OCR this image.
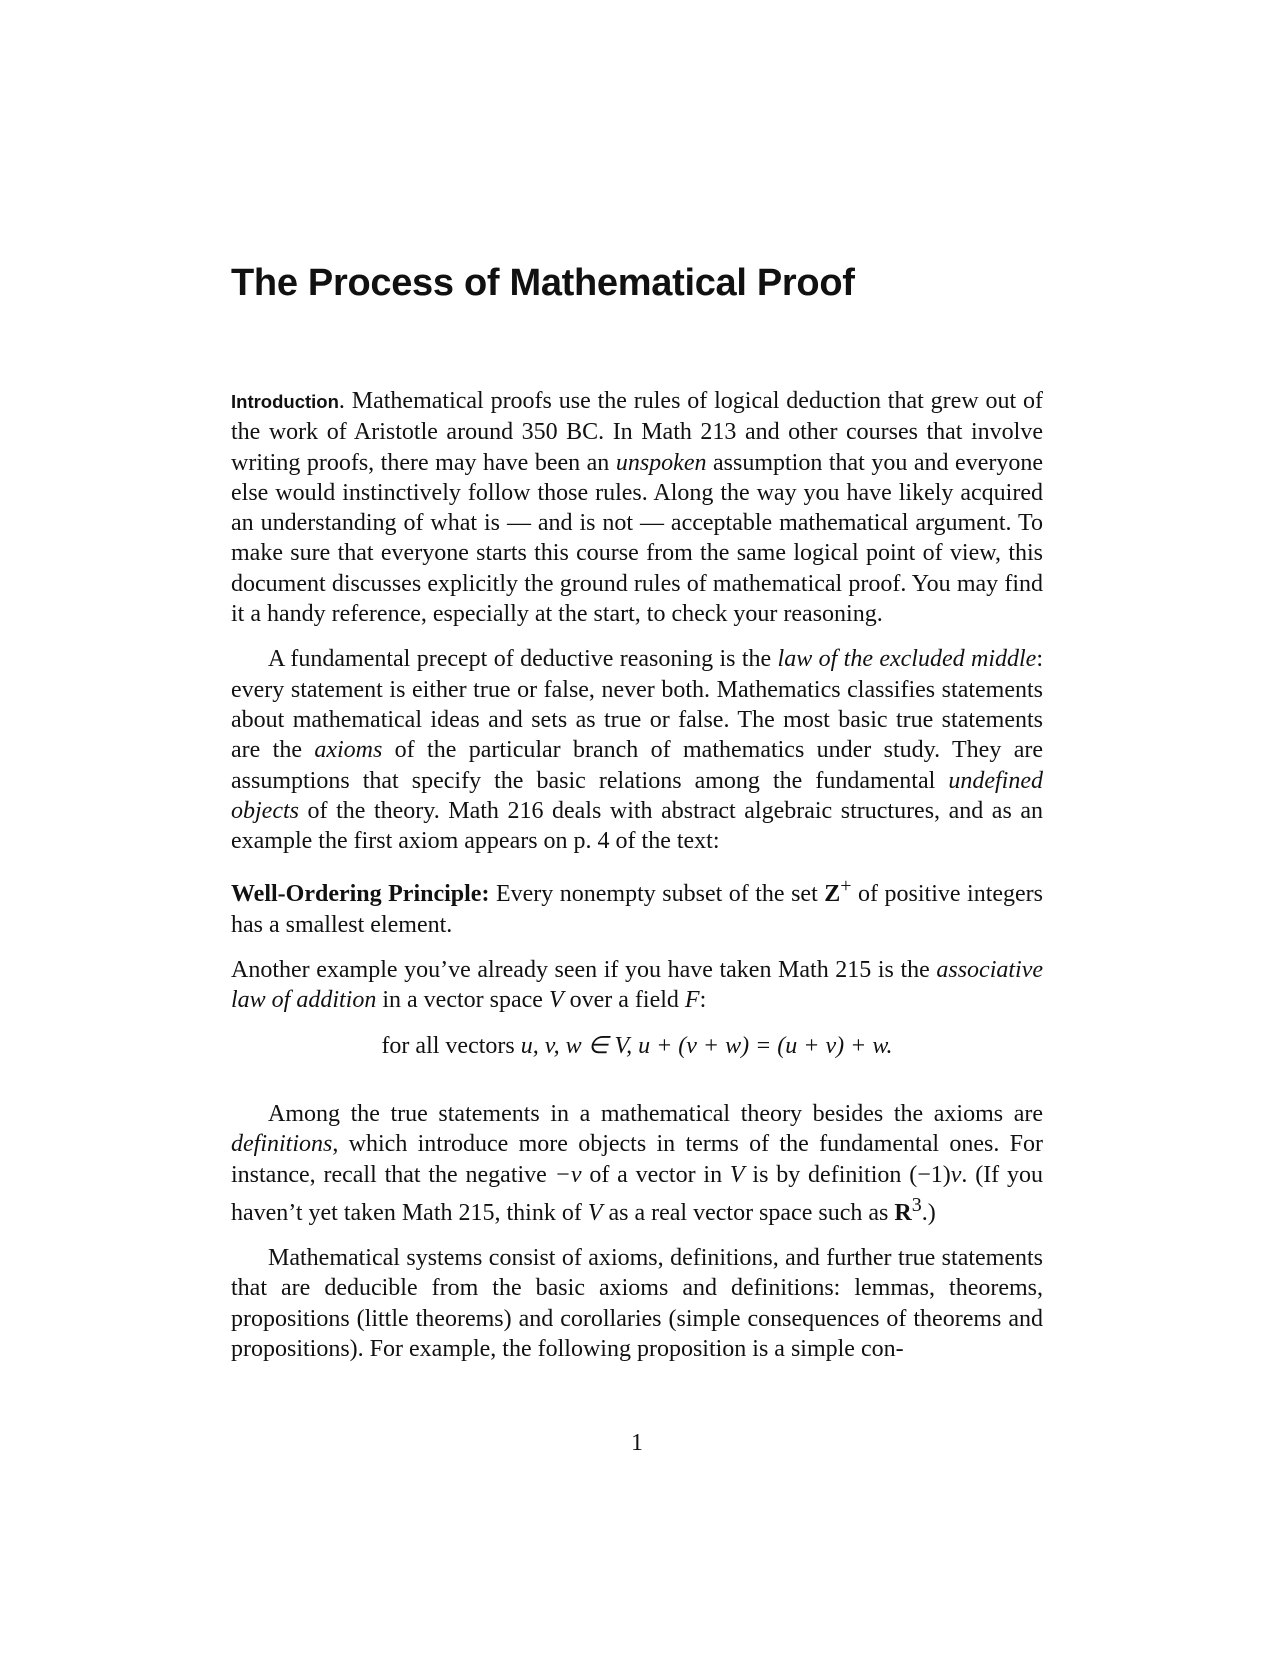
The Process of Mathematical Proof

Introduction. Mathematical proofs use the rules of logical deduction that grew out of the work of Aristotle around 350 BC. In Math 213 and other courses that involve writing proofs, there may have been an unspoken assumption that you and everyone else would instinctively follow those rules. Along the way you have likely acquired an understanding of what is — and is not — acceptable mathematical argument. To make sure that everyone starts this course from the same logical point of view, this document discusses explicitly the ground rules of mathematical proof. You may find it a handy reference, especially at the start, to check your reasoning.

A fundamental precept of deductive reasoning is the law of the excluded middle: every statement is either true or false, never both. Mathematics classifies statements about mathematical ideas and sets as true or false. The most basic true statements are the axioms of the particular branch of mathematics under study. They are assumptions that specify the basic relations among the fundamental undefined objects of the theory. Math 216 deals with abstract algebraic structures, and as an example the first axiom appears on p. 4 of the text:

Well-Ordering Principle: Every nonempty subset of the set Z+ of positive integers has a smallest element.

Another example you’ve already seen if you have taken Math 215 is the associative law of addition in a vector space V over a field F:

for all vectors u, v, w ∈ V, u + (v + w) = (u + v) + w.

Among the true statements in a mathematical theory besides the axioms are definitions, which introduce more objects in terms of the fundamental ones. For instance, recall that the negative −v of a vector in V is by definition (−1)v. (If you haven’t yet taken Math 215, think of V as a real vector space such as $R^3$.)

Mathematical systems consist of axioms, definitions, and further true statements that are deducible from the basic axioms and definitions: lemmas, theorems, propositions (little theorems) and corollaries (simple consequences of theorems and propositions). For example, the following proposition is a simple con-

1
